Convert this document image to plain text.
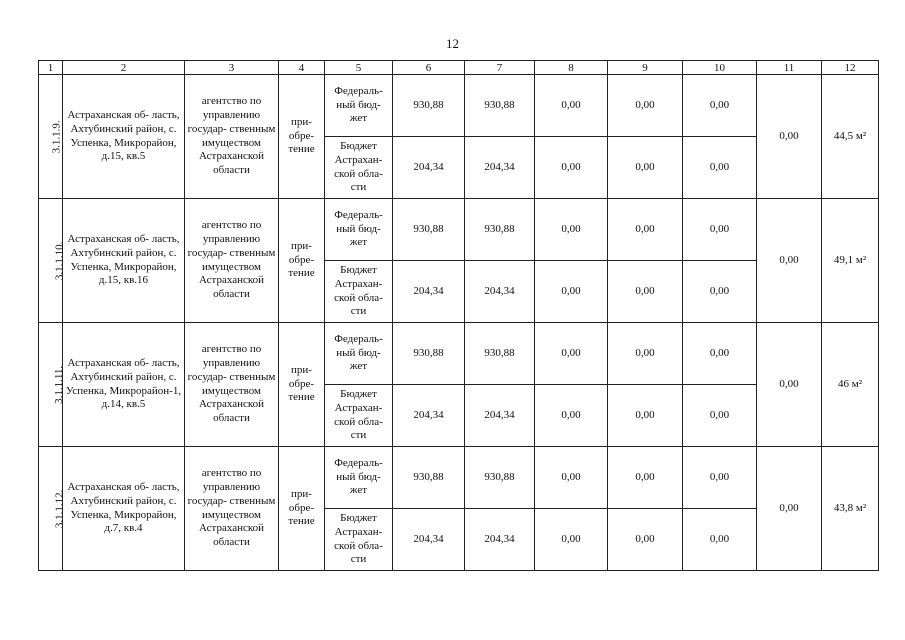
12
1	2	3	4	5	6	7	8	9	10	11	12
3.1.1.9.	Астраханская об- ласть, Ахтубинский район, с. Успенка, Микрорайон, д.15, кв.5	агентство по управлению государ- ственным имуществом Астраханской области	при- обре- тение	Федераль- ный бюд- жет	930,88	930,88	0,00	0,00	0,00	0,00	44,5 м²
				Бюджет Астрахан- ской обла- сти	204,34	204,34	0,00	0,00	0,00		
3.1.1.10.	Астраханская об- ласть, Ахтубинский район, с. Успенка, Микрорайон, д.15, кв.16	агентство по управлению государ- ственным имуществом Астраханской области	при- обре- тение	Федераль- ный бюд- жет	930,88	930,88	0,00	0,00	0,00	0,00	49,1 м²
				Бюджет Астрахан- ской обла- сти	204,34	204,34	0,00	0,00	0,00		
3.1.1.11.	Астраханская об- ласть, Ахтубинский район, с. Успенка, Микрорайон-1, д.14, кв.5	агентство по управлению государ- ственным имуществом Астраханской области	при- обре- тение	Федераль- ный бюд- жет	930,88	930,88	0,00	0,00	0,00	0,00	46 м²
				Бюджет Астрахан- ской обла- сти	204,34	204,34	0,00	0,00	0,00		
3.1.1.12.	Астраханская об- ласть, Ахтубинский район, с. Успенка, Микрорайон, д.7, кв.4	агентство по управлению государ- ственным имуществом Астраханской области	при- обре- тение	Федераль- ный бюд- жет	930,88	930,88	0,00	0,00	0,00	0,00	43,8 м²
				Бюджет Астрахан- ской обла- сти	204,34	204,34	0,00	0,00	0,00		
